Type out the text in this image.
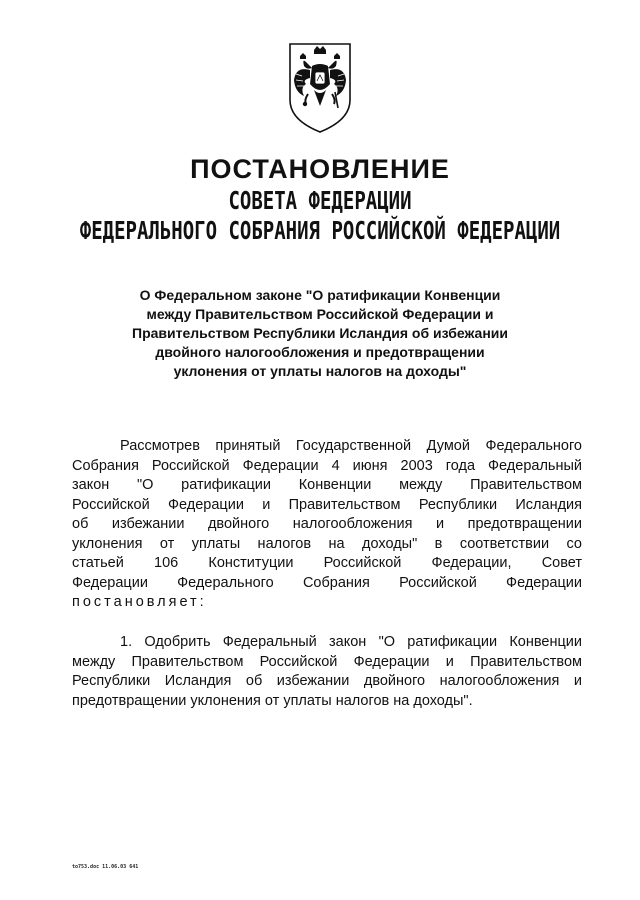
ПОСТАНОВЛЕНИЕ
СОВЕТА ФЕДЕРАЦИИ
ФЕДЕРАЛЬНОГО СОБРАНИЯ РОССИЙСКОЙ ФЕДЕРАЦИИ

О Федеральном законе "О ратификации Конвенции
между Правительством Российской Федерации и
Правительством Республики Исландия об избежании
двойного налогообложения и предотвращении
уклонения от уплаты налогов на доходы"

Рассмотрев принятый Государственной Думой Федерального
Собрания Российской Федерации 4 июня 2003 года Федеральный
закон "О ратификации Конвенции между Правительством
Российской Федерации и Правительством Республики Исландия
об избежании двойного налогообложения и предотвращении
уклонения от уплаты налогов на доходы" в соответствии со
статьей 106 Конституции Российской Федерации, Совет
Федерации Федерального Собрания Российской Федерации
постановляет:

1. Одобрить Федеральный закон "О ратификации Конвенции
между Правительством Российской Федерации и Правительством
Республики Исландия об избежании двойного налогообложения и
предотвращении уклонения от уплаты налогов на доходы".

to753.doc 11.06.03 641
